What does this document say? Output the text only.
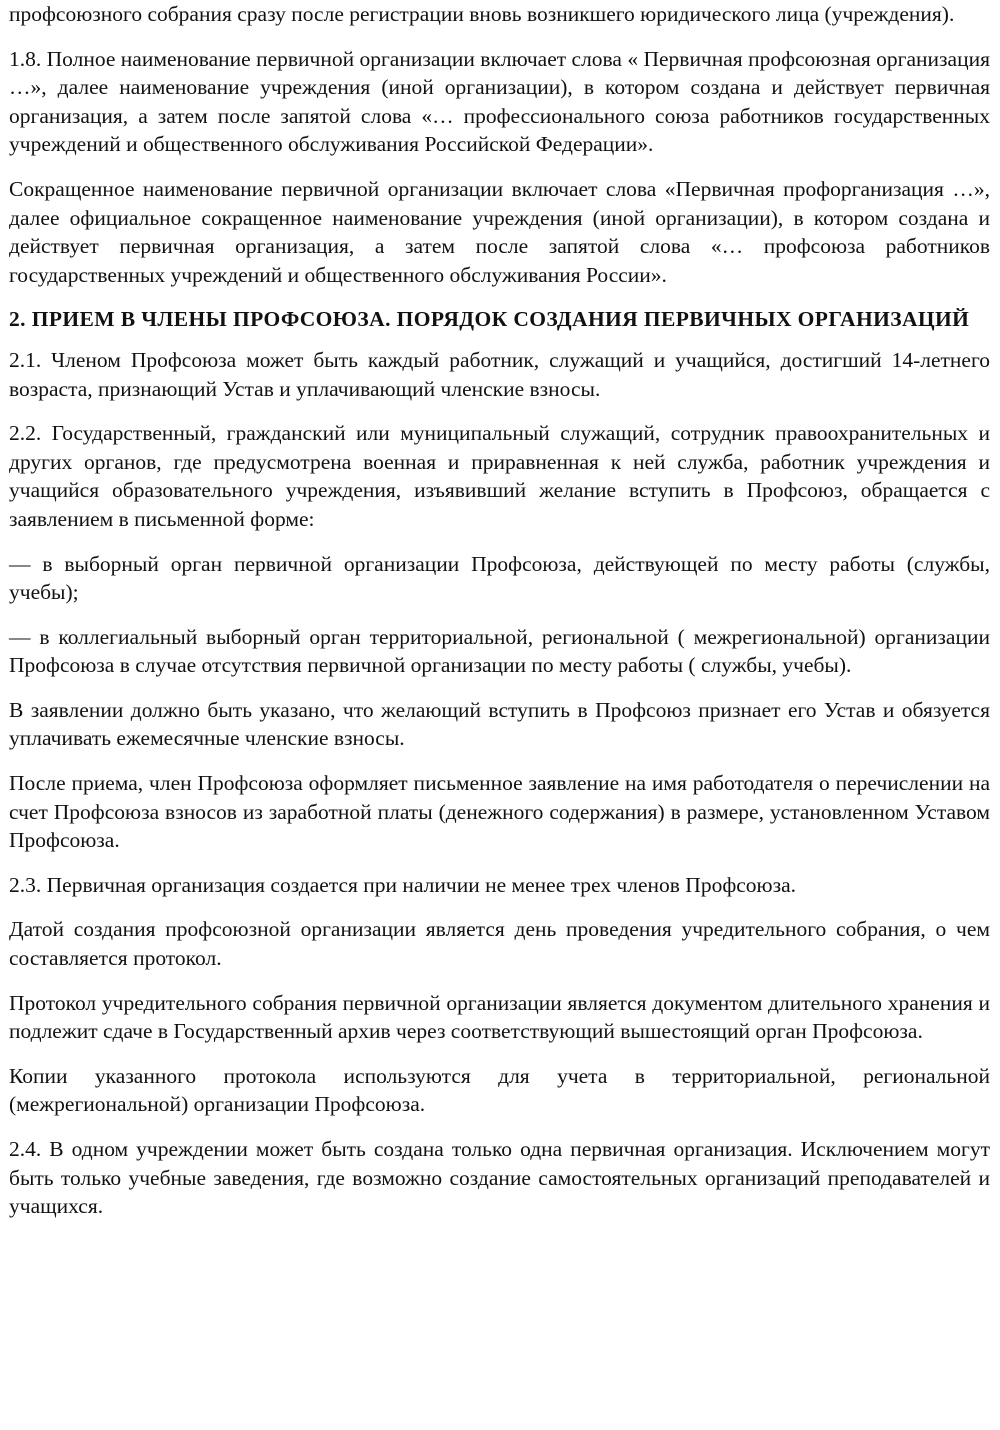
профсоюзного собрания сразу после регистрации вновь возникшего юридического лица (учреждения).

1.8. Полное наименование первичной организации включает слова « Первичная профсоюзная организация …», далее наименование учреждения (иной организации), в котором создана и действует первичная организация, а затем после запятой слова «… профессионального союза работников государственных учреждений и общественного обслуживания Российской Федерации».

Сокращенное наименование первичной организации включает слова «Первичная профорганизация …», далее официальное сокращенное наименование учреждения (иной организации), в котором создана и действует первичная организация, а затем после запятой слова «… профсоюза работников государственных учреждений и общественного обслуживания России».

2. ПРИЕМ В ЧЛЕНЫ ПРОФСОЮЗА. ПОРЯДОК СОЗДАНИЯ ПЕРВИЧНЫХ ОРГАНИЗАЦИЙ

2.1. Членом Профсоюза может быть каждый работник, служащий и учащийся, достигший 14-летнего возраста, признающий Устав и уплачивающий членские взносы.

2.2. Государственный, гражданский или муниципальный служащий, сотрудник правоохранительных и других органов, где предусмотрена военная и приравненная к ней служба, работник учреждения и учащийся образовательного учреждения, изъявивший желание вступить в Профсоюз, обращается с заявлением в письменной форме:

— в выборный орган первичной организации Профсоюза, действующей по месту работы (службы, учебы);

— в коллегиальный выборный орган территориальной, региональной ( межрегиональной) организации Профсоюза в случае отсутствия первичной организации по месту работы ( службы, учебы).

В заявлении должно быть указано, что желающий вступить в Профсоюз признает его Устав и обязуется уплачивать ежемесячные членские взносы.

После приема, член Профсоюза оформляет письменное заявление на имя работодателя о перечислении на счет Профсоюза взносов из заработной платы (денежного содержания) в размере, установленном Уставом Профсоюза.

2.3. Первичная организация создается при наличии не менее трех членов Профсоюза.

Датой создания профсоюзной организации является день проведения учредительного собрания, о чем составляется протокол.

Протокол учредительного собрания первичной организации является документом длительного хранения и подлежит сдаче в Государственный архив через соответствующий вышестоящий орган Профсоюза.

Копии указанного протокола используются для учета в территориальной, региональной (межрегиональной) организации Профсоюза.

2.4. В одном учреждении может быть создана только одна первичная организация. Исключением могут быть только учебные заведения, где возможно создание самостоятельных организаций преподавателей и учащихся.
